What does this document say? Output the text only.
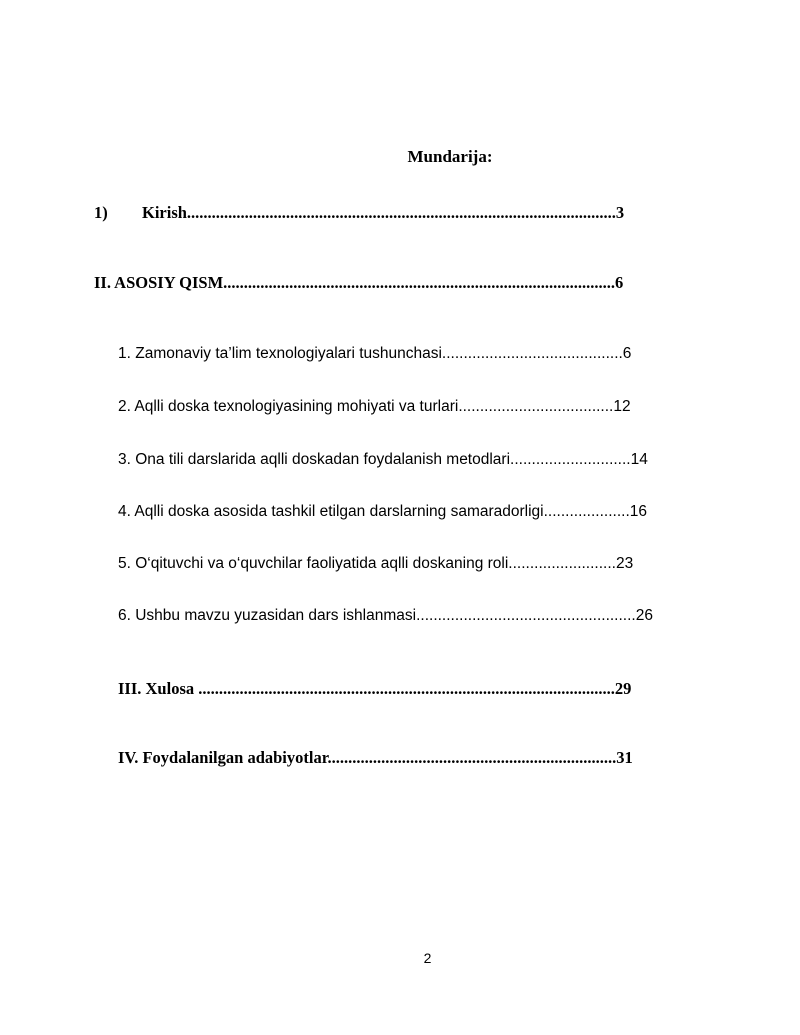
Mundarija:
1) Kirish........................................................................................................3
II. ASOSIY QISM...............................................................................................6
1. Zamonaviy ta’lim texnologiyalari tushunchasi..........................................6
2. Aqlli doska texnologiyasining mohiyati va turlari....................................12
3. Ona tili darslarida aqlli doskadan foydalanish metodlari............................14
4. Aqlli doska asosida tashkil etilgan darslarning samaradorligi....................16
5. O‘qituvchi va o‘quvchilar faoliyatida aqlli doskaning roli.........................23
6. Ushbu mavzu yuzasidan dars ishlanmasi...................................................26
III. Xulosa .....................................................................................................29
IV. Foydalanilgan adabiyotlar......................................................................31
2
